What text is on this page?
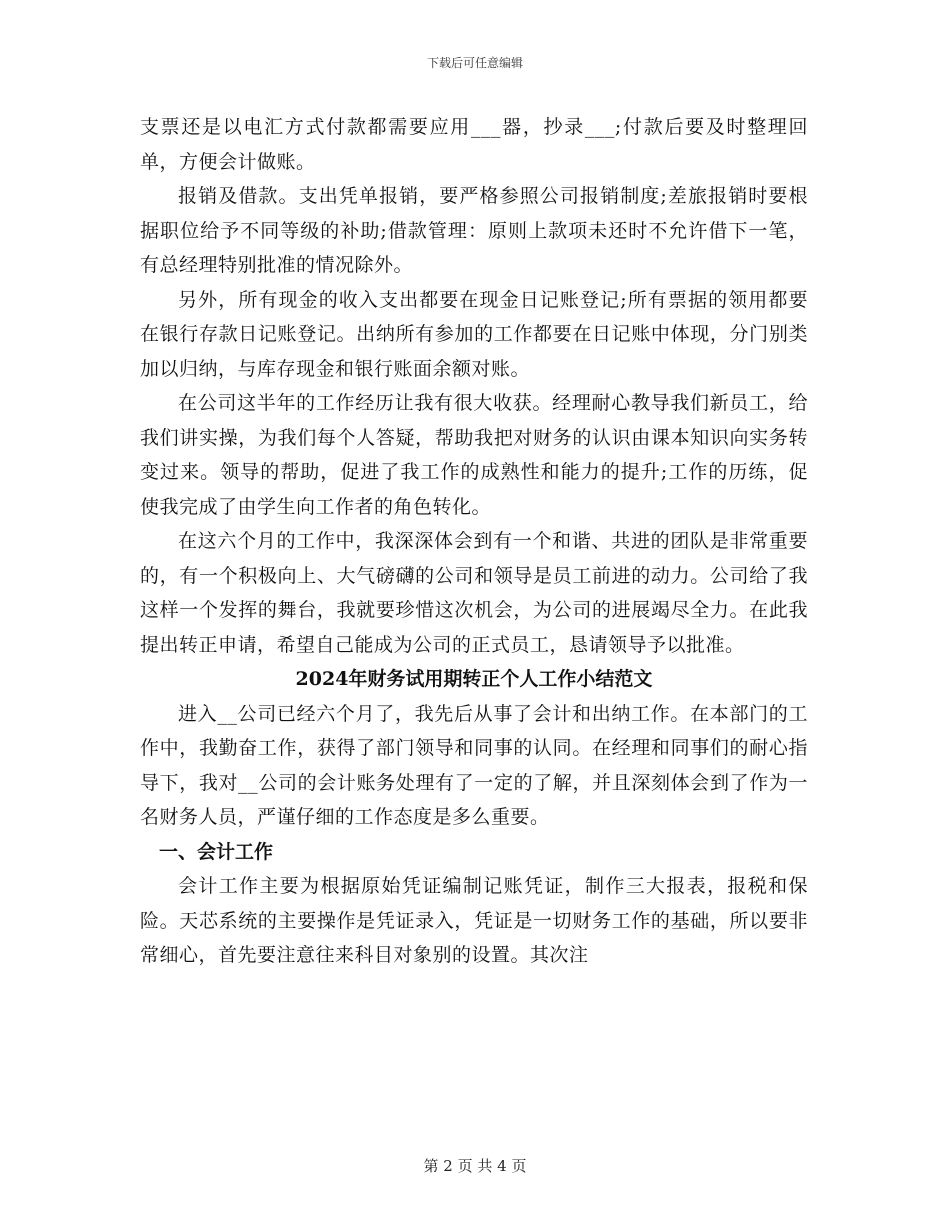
下载后可任意编辑

支票还是以电汇方式付款都需要应用___器，抄录___;付款后要及时整理回单，方便会计做账。

报销及借款。支出凭单报销，要严格参照公司报销制度;差旅报销时要根据职位给予不同等级的补助;借款管理：原则上款项未还时不允许借下一笔，有总经理特别批准的情况除外。

另外，所有现金的收入支出都要在现金日记账登记;所有票据的领用都要在银行存款日记账登记。出纳所有参加的工作都要在日记账中体现，分门别类加以归纳，与库存现金和银行账面余额对账。

在公司这半年的工作经历让我有很大收获。经理耐心教导我们新员工，给我们讲实操，为我们每个人答疑，帮助我把对财务的认识由课本知识向实务转变过来。领导的帮助，促进了我工作的成熟性和能力的提升;工作的历练，促使我完成了由学生向工作者的角色转化。

在这六个月的工作中，我深深体会到有一个和谐、共进的团队是非常重要的，有一个积极向上、大气磅礴的公司和领导是员工前进的动力。公司给了我这样一个发挥的舞台，我就要珍惜这次机会，为公司的进展竭尽全力。在此我提出转正申请，希望自己能成为公司的正式员工，恳请领导予以批准。

2024年财务试用期转正个人工作小结范文

进入__公司已经六个月了，我先后从事了会计和出纳工作。在本部门的工作中，我勤奋工作，获得了部门领导和同事的认同。在经理和同事们的耐心指导下，我对__公司的会计账务处理有了一定的了解，并且深刻体会到了作为一名财务人员，严谨仔细的工作态度是多么重要。

一、会计工作

会计工作主要为根据原始凭证编制记账凭证，制作三大报表，报税和保险。天芯系统的主要操作是凭证录入，凭证是一切财务工作的基础，所以要非常细心，首先要注意往来科目对象别的设置。其次注

第 2 页 共 4 页
